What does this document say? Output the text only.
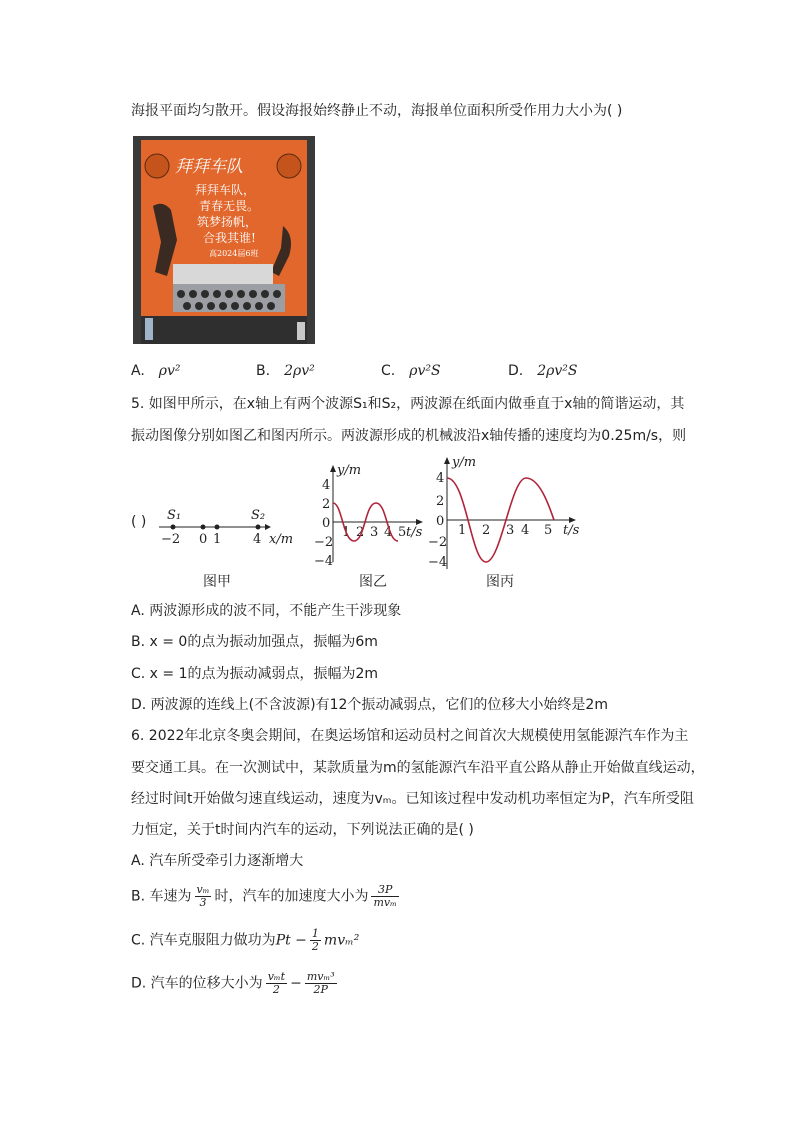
海报平面均匀散开。假设海报始终静止不动，海报单位面积所受作用力大小为( )
拜拜车队
拜拜车队，
青春无畏。
筑梦扬帆，
合我其谁!
高2024届6班
A. ρv²	B. 2ρv²	C. ρv²S	D. 2ρv²S
5. 如图甲所示，在x轴上有两个波源S₁和S₂，两波源在纸面内做垂直于x轴的简谐运动，其
振动图像分别如图乙和图丙所示。两波源形成的机械波沿x轴传播的速度均为0.25m/s，则
( ) S₁	S₂
−2 0 1 4 x/m
图甲
y/m
t/s
4
2
0
−2
−4
1 2 3 4 5
图乙
y/m
t/s
4
2
0
−2
−4
1 2 3 4 5
图丙
A. 两波源形成的波不同，不能产生干涉现象
B. x = 0的点为振动加强点，振幅为6m
C. x = 1的点为振动减弱点，振幅为2m
D. 两波源的连线上(不含波源)有12个振动减弱点，它们的位移大小始终是2m
6. 2022年北京冬奥会期间，在奥运场馆和运动员村之间首次大规模使用氢能源汽车作为主
要交通工具。在一次测试中，某款质量为m的氢能源汽车沿平直公路从静止开始做直线运动，
经过时间t开始做匀速直线运动，速度为vₘ。已知该过程中发动机功率恒定为P，汽车所受阻
力恒定，关于t时间内汽车的运动，下列说法正确的是( )
A. 汽车所受牵引力逐渐增大
B. 车速为 $\frac{\text{vₘ}}{3}$ 时，汽车的加速度大小为 $\frac{3P}{\text{mvₘ}}$
C. 汽车克服阻力做功为$Pt - \frac{1}{2} mv_m^2$
D. 汽车的位移大小为 $\frac{\text{vₘt}}{2} - \frac{\text{mvₘ³}}{2P}$
